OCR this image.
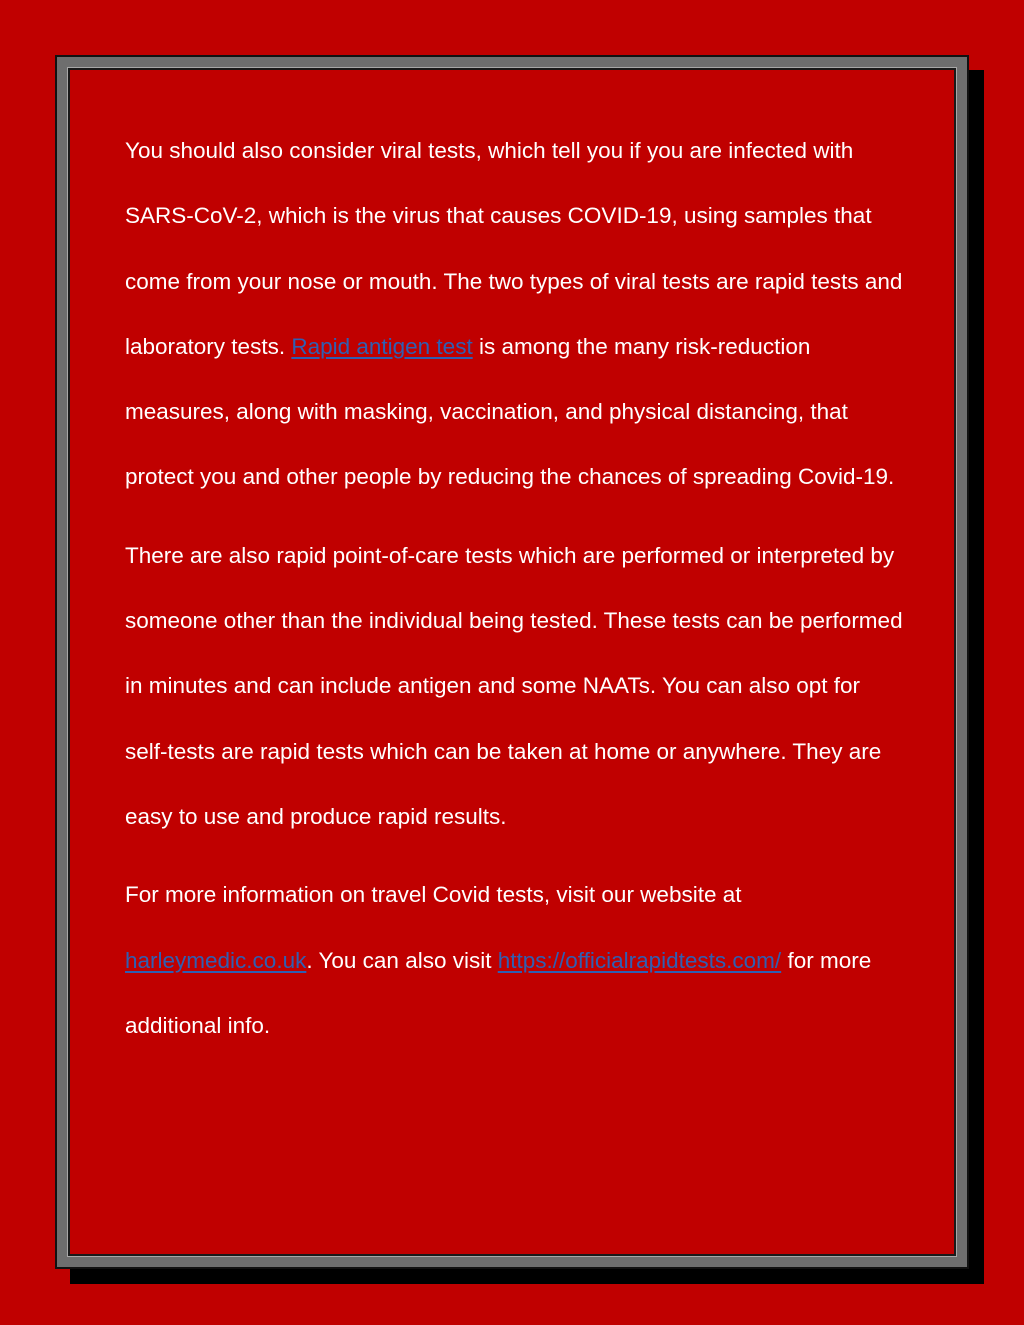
You should also consider viral tests, which tell you if you are infected with SARS-CoV-2, which is the virus that causes COVID-19, using samples that come from your nose or mouth. The two types of viral tests are rapid tests and laboratory tests. Rapid antigen test is among the many risk-reduction measures, along with masking, vaccination, and physical distancing, that protect you and other people by reducing the chances of spreading Covid-19.

There are also rapid point-of-care tests which are performed or interpreted by someone other than the individual being tested. These tests can be performed in minutes and can include antigen and some NAATs. You can also opt for self-tests are rapid tests which can be taken at home or anywhere. They are easy to use and produce rapid results.

For more information on travel Covid tests, visit our website at harleymedic.co.uk. You can also visit https://officialrapidtests.com/ for more additional info.
